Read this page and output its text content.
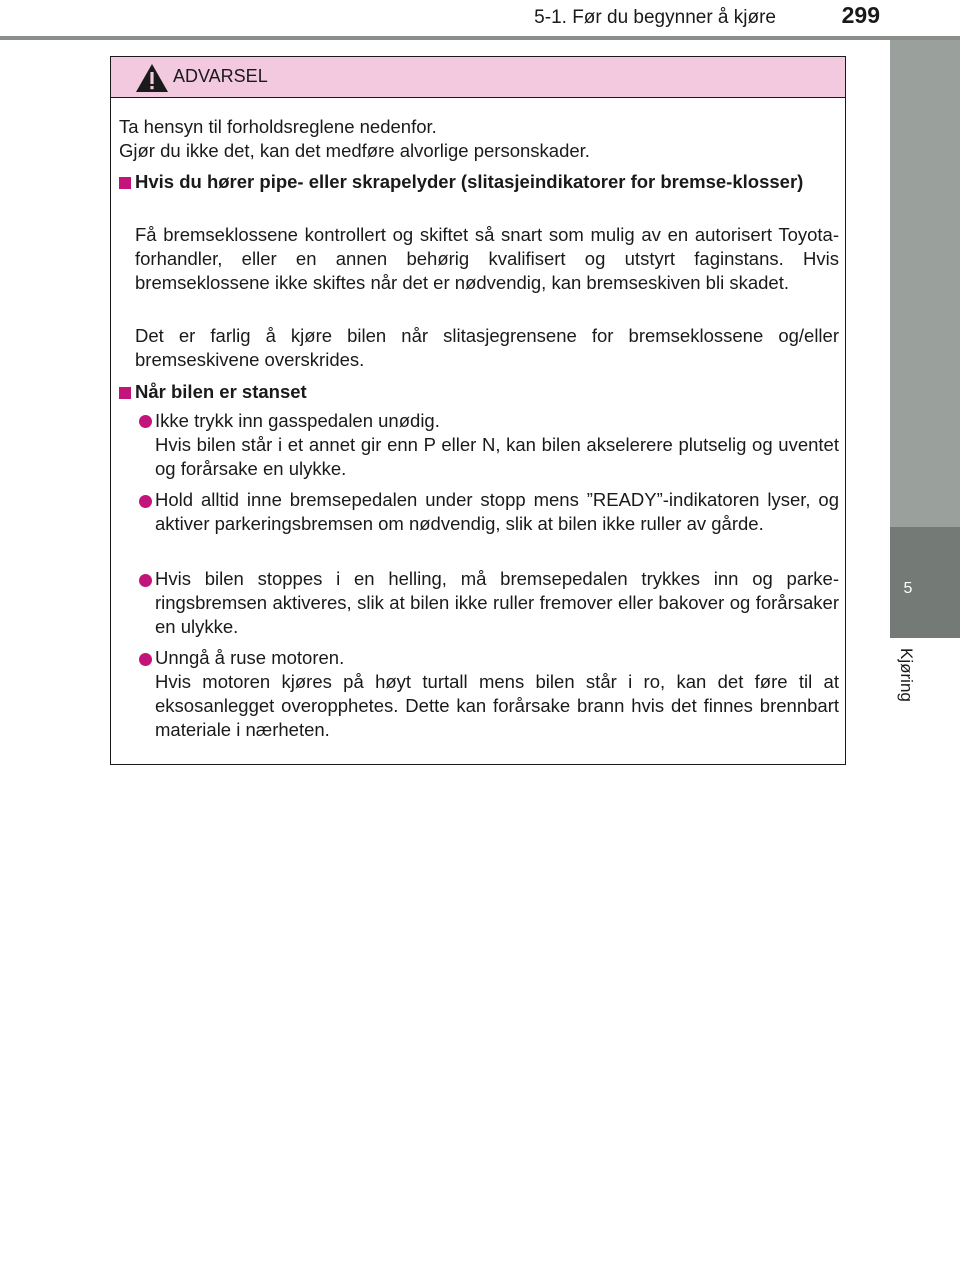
5-1. Før du begynner å kjøre	299
5
Kjøring
ADVARSEL
Ta hensyn til forholdsreglene nedenfor.
Gjør du ikke det, kan det medføre alvorlige personskader.
Hvis du hører pipe- eller skrapelyder (slitasjeindikatorer for bremse-klosser)
Få bremseklossene kontrollert og skiftet så snart som mulig av en autorisert Toyota-forhandler, eller en annen behørig kvalifisert og utstyrt faginstans. Hvis bremseklossene ikke skiftes når det er nødvendig, kan bremseskiven bli skadet.
Det er farlig å kjøre bilen når slitasjegrensene for bremseklossene og/eller bremseskivene overskrides.
Når bilen er stanset
Ikke trykk inn gasspedalen unødig.
Hvis bilen står i et annet gir enn P eller N, kan bilen akselerere plutselig og uventet og forårsake en ulykke.
Hold alltid inne bremsepedalen under stopp mens ”READY”-indikatoren lyser, og aktiver parkeringsbremsen om nødvendig, slik at bilen ikke ruller av gårde.
Hvis bilen stoppes i en helling, må bremsepedalen trykkes inn og parke-ringsbremsen aktiveres, slik at bilen ikke ruller fremover eller bakover og forårsaker en ulykke.
Unngå å ruse motoren.
Hvis motoren kjøres på høyt turtall mens bilen står i ro, kan det føre til at eksosanlegget overopphetes. Dette kan forårsake brann hvis det finnes brennbart materiale i nærheten.
